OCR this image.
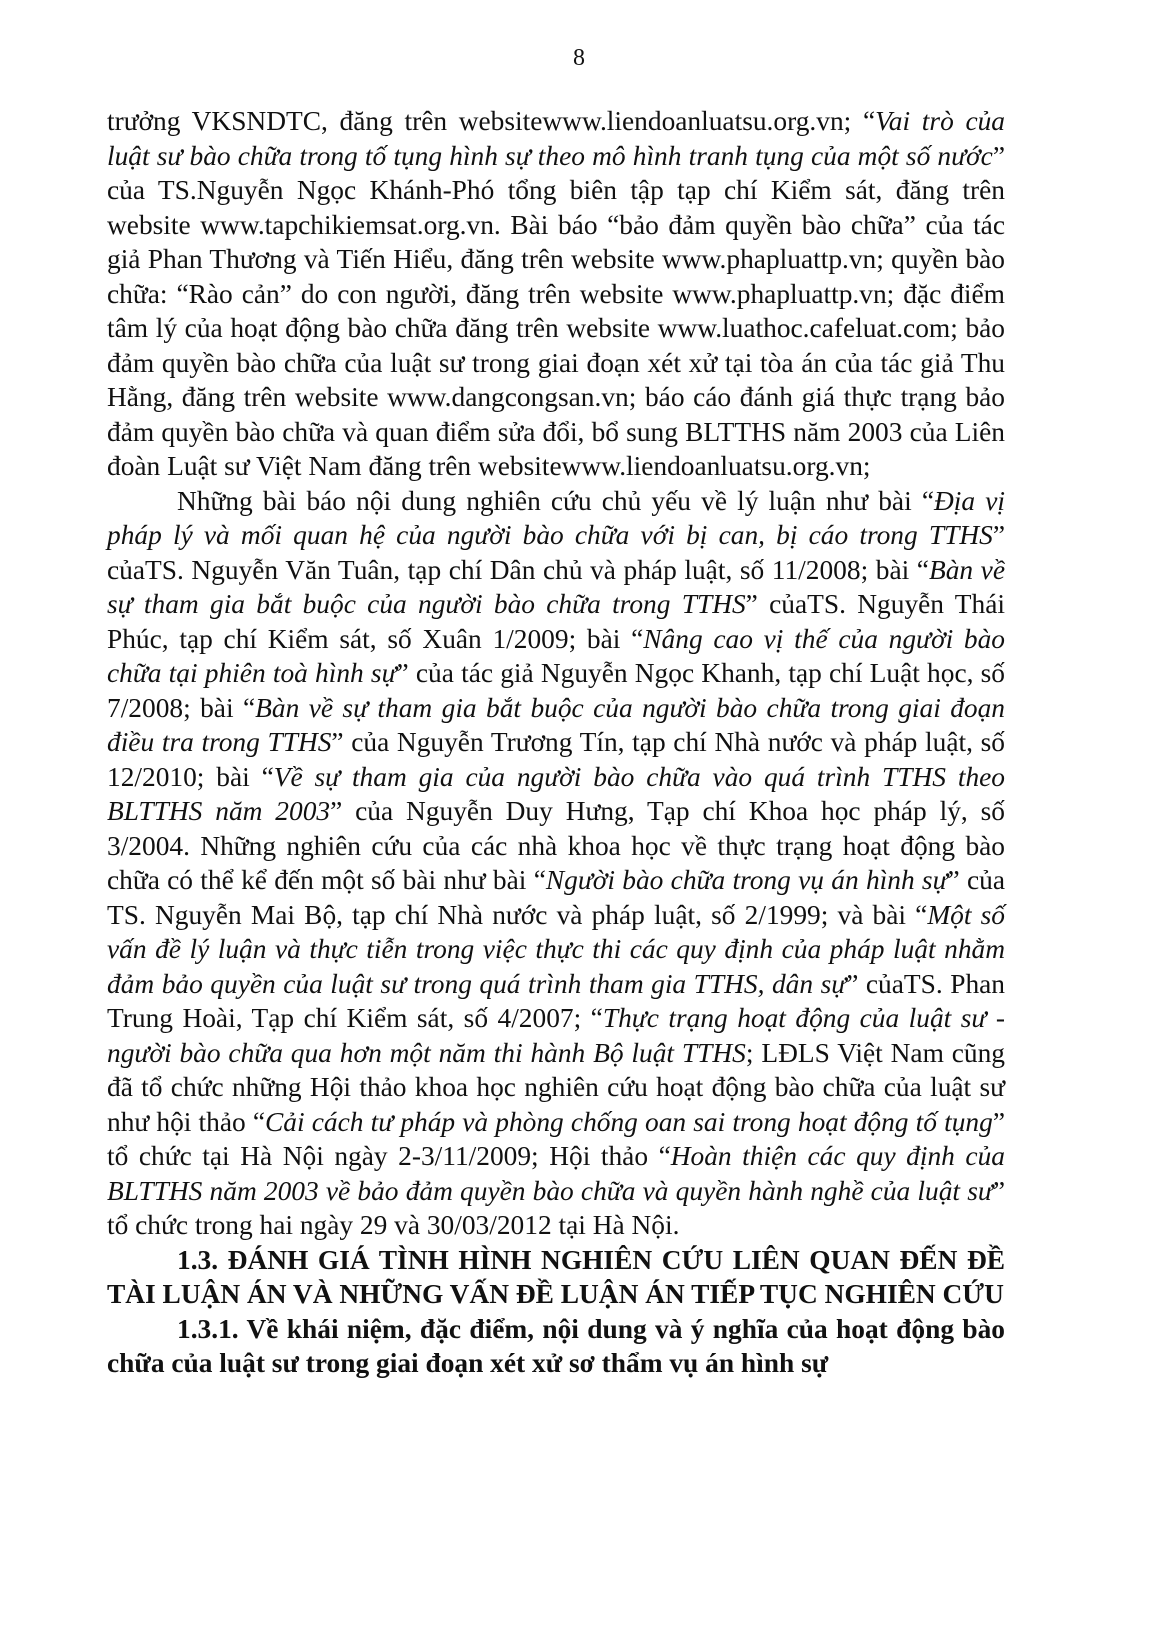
8

trưởng VKSNDTC, đăng trên websitewww.liendoanluatsu.org.vn; “Vai trò của luật sư bào chữa trong tố tụng hình sự theo mô hình tranh tụng của một số nước” của TS.Nguyễn Ngọc Khánh-Phó tổng biên tập tạp chí Kiểm sát, đăng trên website www.tapchikiemsat.org.vn. Bài báo “bảo đảm quyền bào chữa” của tác giả Phan Thương và Tiến Hiểu, đăng trên website www.phapluattp.vn; quyền bào chữa: “Rào cản” do con người, đăng trên website www.phapluattp.vn; đặc điểm tâm lý của hoạt động bào chữa đăng trên website www.luathoc.cafeluat.com; bảo đảm quyền bào chữa của luật sư trong giai đoạn xét xử tại tòa án của tác giả Thu Hằng, đăng trên website www.dangcongsan.vn; báo cáo đánh giá thực trạng bảo đảm quyền bào chữa và quan điểm sửa đổi, bổ sung BLTTHS năm 2003 của Liên đoàn Luật sư Việt Nam đăng trên websitewww.liendoanluatsu.org.vn;

Những bài báo nội dung nghiên cứu chủ yếu về lý luận như bài “Địa vị pháp lý và mối quan hệ của người bào chữa với bị can, bị cáo trong TTHS” củaTS. Nguyễn Văn Tuân, tạp chí Dân chủ và pháp luật, số 11/2008; bài “Bàn về sự tham gia bắt buộc của người bào chữa trong TTHS” củaTS. Nguyễn Thái Phúc, tạp chí Kiểm sát, số Xuân 1/2009; bài “Nâng cao vị thế của người bào chữa tại phiên toà hình sự” của tác giả Nguyễn Ngọc Khanh, tạp chí Luật học, số 7/2008; bài “Bàn về sự tham gia bắt buộc của người bào chữa trong giai đoạn điều tra trong TTHS” của Nguyễn Trương Tín, tạp chí Nhà nước và pháp luật, số 12/2010; bài “Về sự tham gia của người bào chữa vào quá trình TTHS theo BLTTHS năm 2003” của Nguyễn Duy Hưng, Tạp chí Khoa học pháp lý, số 3/2004. Những nghiên cứu của các nhà khoa học về thực trạng hoạt động bào chữa có thể kể đến một số bài như bài “Người bào chữa trong vụ án hình sự” của TS. Nguyễn Mai Bộ, tạp chí Nhà nước và pháp luật, số 2/1999; và bài “Một số vấn đề lý luận và thực tiễn trong việc thực thi các quy định của pháp luật nhằm đảm bảo quyền của luật sư trong quá trình tham gia TTHS, dân sự” củaTS. Phan Trung Hoài, Tạp chí Kiểm sát, số 4/2007; “Thực trạng hoạt động của luật sư - người bào chữa qua hơn một năm thi hành Bộ luật TTHS; LĐLS Việt Nam cũng đã tổ chức những Hội thảo khoa học nghiên cứu hoạt động bào chữa của luật sư như hội thảo “Cải cách tư pháp và phòng chống oan sai trong hoạt động tố tụng” tổ chức tại Hà Nội ngày 2-3/11/2009; Hội thảo “Hoàn thiện các quy định của BLTTHS năm 2003 về bảo đảm quyền bào chữa và quyền hành nghề của luật sư” tổ chức trong hai ngày 29 và 30/03/2012 tại Hà Nội.

1.3. ĐÁNH GIÁ TÌNH HÌNH NGHIÊN CỨU LIÊN QUAN ĐẾN ĐỀ TÀI LUẬN ÁN VÀ NHỮNG VẤN ĐỀ LUẬN ÁN TIẾP TỤC NGHIÊN CỨU

1.3.1. Về khái niệm, đặc điểm, nội dung và ý nghĩa của hoạt động bào chữa của luật sư trong giai đoạn xét xử sơ thẩm vụ án hình sự
